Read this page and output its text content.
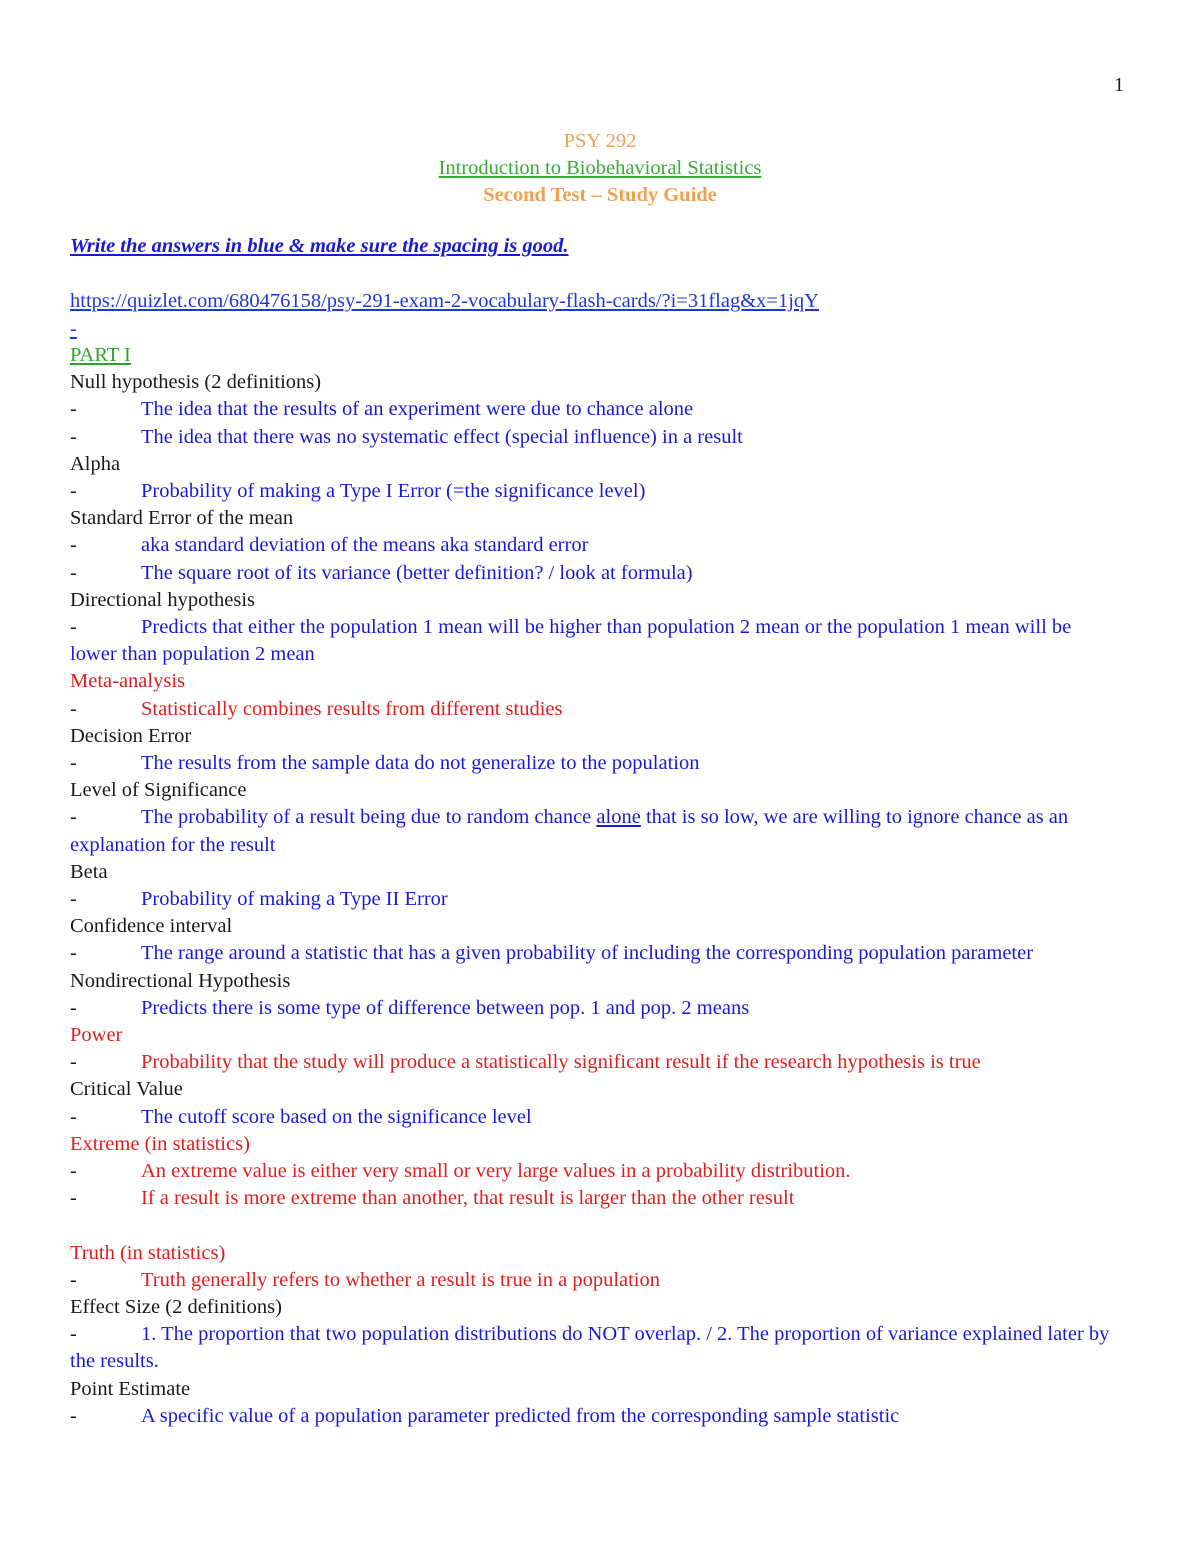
1
PSY 292
Introduction to Biobehavioral Statistics
Second Test – Study Guide
Write the answers in blue & make sure the spacing is good.
https://quizlet.com/680476158/psy-291-exam-2-vocabulary-flash-cards/?i=31flag&x=1jqY
-
PART I
Null hypothesis (2 definitions)
-	The idea that the results of an experiment were due to chance alone
-	The idea that there was no systematic effect (special influence) in a result
Alpha
-	Probability of making a Type I Error (=the significance level)
Standard Error of the mean
-	aka standard deviation of the means aka standard error
-	The square root of its variance (better definition? / look at formula)
Directional hypothesis
-	Predicts that either the population 1 mean will be higher than population 2 mean or the population 1 mean will be lower than population 2 mean
Meta-analysis
-	Statistically combines results from different studies
Decision Error
-	The results from the sample data do not generalize to the population
Level of Significance
-	The probability of a result being due to random chance alone that is so low, we are willing to ignore chance as an explanation for the result
Beta
-	Probability of making a Type II Error
Confidence interval
-	The range around a statistic that has a given probability of including the corresponding population parameter
Nondirectional Hypothesis
-	Predicts there is some type of difference between pop. 1 and pop. 2 means
Power
-	Probability that the study will produce a statistically significant result if the research hypothesis is true
Critical Value
-	The cutoff score based on the significance level
Extreme (in statistics)
-	An extreme value is either very small or very large values in a probability distribution.
-	If a result is more extreme than another, that result is larger than the other result
Truth (in statistics)
-	Truth generally refers to whether a result is true in a population
Effect Size (2 definitions)
-	1. The proportion that two population distributions do NOT overlap. / 2. The proportion of variance explained later by the results.
Point Estimate
-	A specific value of a population parameter predicted from the corresponding sample statistic
